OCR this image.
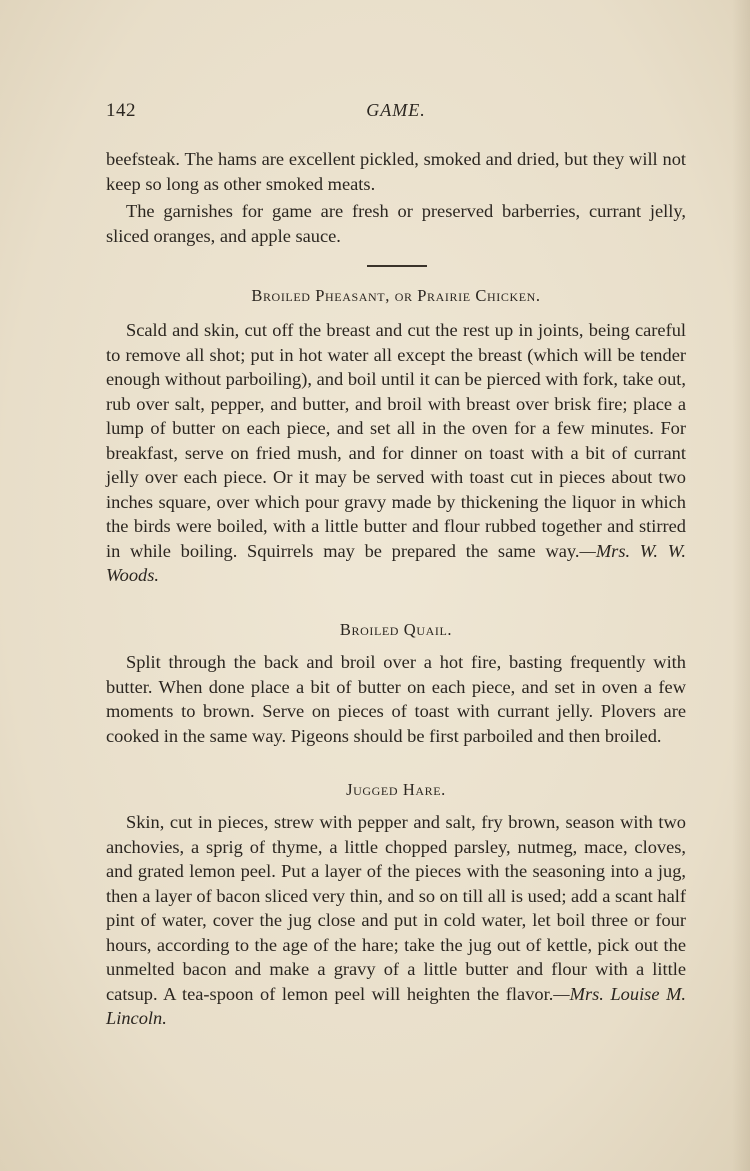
142	GAME.

beefsteak. The hams are excellent pickled, smoked and dried, but they will not keep so long as other smoked meats.

The garnishes for game are fresh or preserved barberries, currant jelly, sliced oranges, and apple sauce.

Broiled Pheasant, or Prairie Chicken.

Scald and skin, cut off the breast and cut the rest up in joints, being careful to remove all shot; put in hot water all except the breast (which will be tender enough without parboiling), and boil until it can be pierced with fork, take out, rub over salt, pepper, and butter, and broil with breast over brisk fire; place a lump of butter on each piece, and set all in the oven for a few minutes. For breakfast, serve on fried mush, and for dinner on toast with a bit of currant jelly over each piece. Or it may be served with toast cut in pieces about two inches square, over which pour gravy made by thickening the liquor in which the birds were boiled, with a little butter and flour rubbed together and stirred in while boiling. Squirrels may be prepared the same way.—Mrs. W. W. Woods.

Broiled Quail.

Split through the back and broil over a hot fire, basting frequently with butter. When done place a bit of butter on each piece, and set in oven a few moments to brown. Serve on pieces of toast with currant jelly. Plovers are cooked in the same way. Pigeons should be first parboiled and then broiled.

Jugged Hare.

Skin, cut in pieces, strew with pepper and salt, fry brown, season with two anchovies, a sprig of thyme, a little chopped parsley, nutmeg, mace, cloves, and grated lemon peel. Put a layer of the pieces with the seasoning into a jug, then a layer of bacon sliced very thin, and so on till all is used; add a scant half pint of water, cover the jug close and put in cold water, let boil three or four hours, according to the age of the hare; take the jug out of kettle, pick out the unmelted bacon and make a gravy of a little butter and flour with a little catsup. A tea-spoon of lemon peel will heighten the flavor.—Mrs. Louise M. Lincoln.
